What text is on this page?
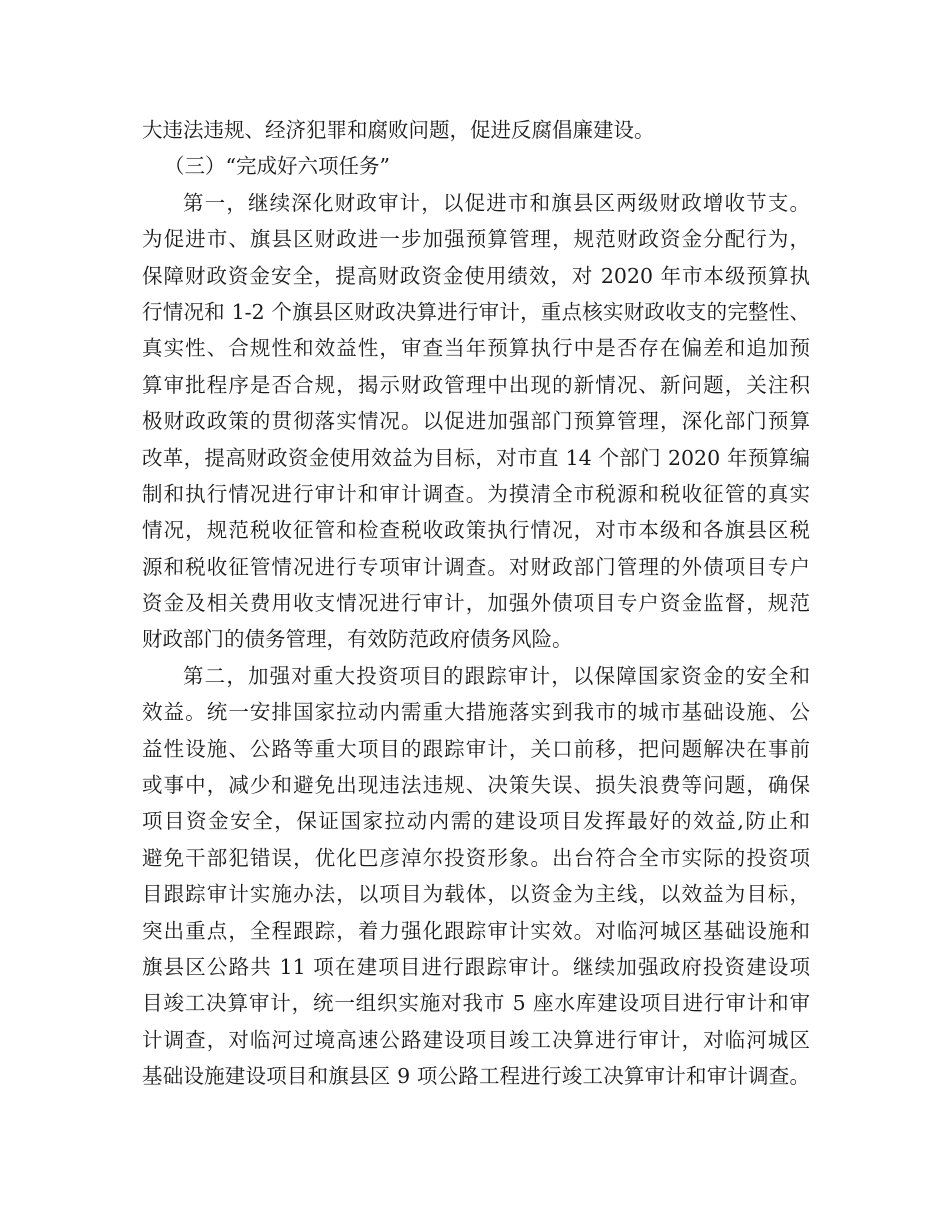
大违法违规、经济犯罪和腐败问题，促进反腐倡廉建设。
（三）“完成好六项任务”
第一，继续深化财政审计，以促进市和旗县区两级财政增收节支。
为促进市、旗县区财政进一步加强预算管理，规范财政资金分配行为，
保障财政资金安全，提高财政资金使用绩效，对 2020 年市本级预算执
行情况和 1-2 个旗县区财政决算进行审计，重点核实财政收支的完整性、
真实性、合规性和效益性，审查当年预算执行中是否存在偏差和追加预
算审批程序是否合规，揭示财政管理中出现的新情况、新问题，关注积
极财政政策的贯彻落实情况。以促进加强部门预算管理，深化部门预算
改革，提高财政资金使用效益为目标，对市直 14 个部门 2020 年预算编
制和执行情况进行审计和审计调查。为摸清全市税源和税收征管的真实
情况，规范税收征管和检查税收政策执行情况，对市本级和各旗县区税
源和税收征管情况进行专项审计调查。对财政部门管理的外债项目专户
资金及相关费用收支情况进行审计，加强外债项目专户资金监督，规范
财政部门的债务管理，有效防范政府债务风险。
第二，加强对重大投资项目的跟踪审计，以保障国家资金的安全和
效益。统一安排国家拉动内需重大措施落实到我市的城市基础设施、公
益性设施、公路等重大项目的跟踪审计，关口前移，把问题解决在事前
或事中，减少和避免出现违法违规、决策失误、损失浪费等问题，确保
项目资金安全，保证国家拉动内需的建设项目发挥最好的效益,防止和
避免干部犯错误，优化巴彦淖尔投资形象。出台符合全市实际的投资项
目跟踪审计实施办法，以项目为载体，以资金为主线，以效益为目标，
突出重点，全程跟踪，着力强化跟踪审计实效。对临河城区基础设施和
旗县区公路共 11 项在建项目进行跟踪审计。继续加强政府投资建设项
目竣工决算审计，统一组织实施对我市 5 座水库建设项目进行审计和审
计调查，对临河过境高速公路建设项目竣工决算进行审计，对临河城区
基础设施建设项目和旗县区 9 项公路工程进行竣工决算审计和审计调查。
